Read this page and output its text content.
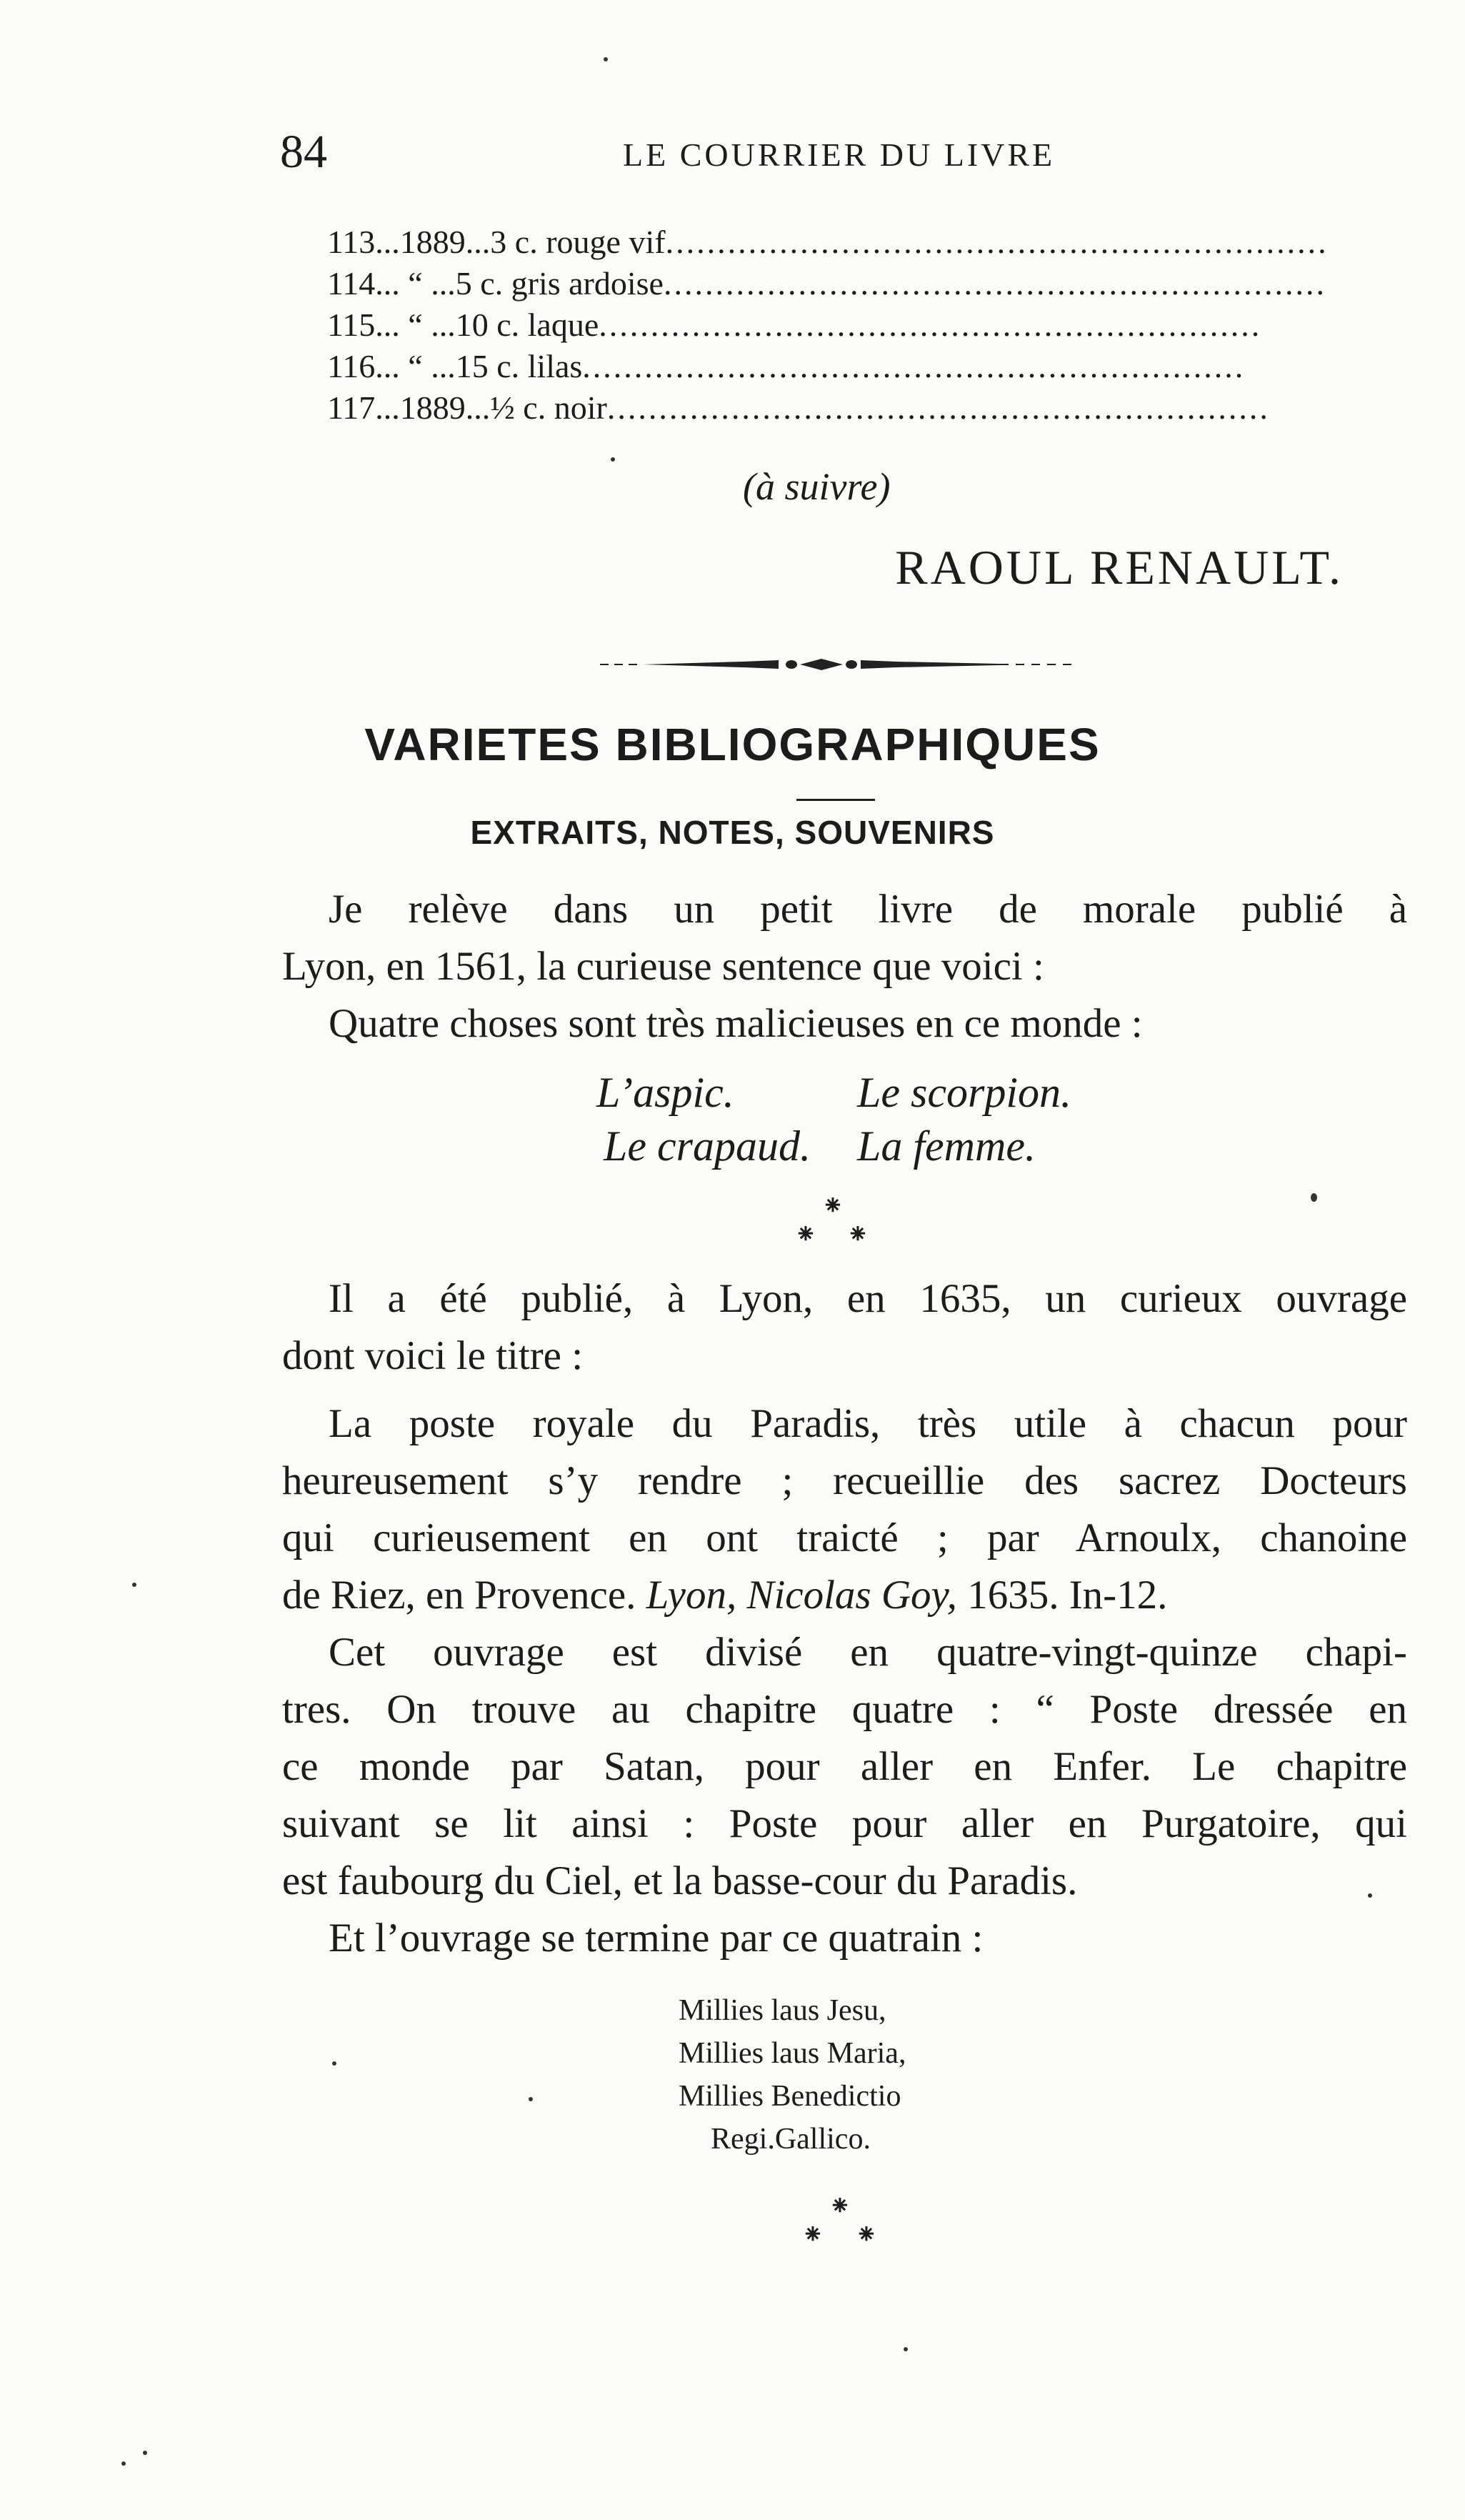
84	LE COURRIER DU LIVRE
113...1889... 3 c. rouge vif ................................................................
114... “ ... 5 c. gris ardoise ................................................................
115... “ ... 10 c. laque ................................................................
116... “ ... 15 c. lilas ................................................................
117...1889... ½ c. noir ................................................................
(à suivre)
RAOUL RENAULT.
VARIETES BIBLIOGRAPHIQUES
EXTRAITS, NOTES, SOUVENIRS
Je relève dans un petit livre de morale publié à
Lyon, en 1561, la curieuse sentence que voici :
Quatre choses sont très malicieuses en ce monde :
L’aspic.	Le scorpion.
Le crapaud. La femme.
⁕
⁕ ⁕
Il a été publié, à Lyon, en 1635, un curieux ouvrage
dont voici le titre :
La poste royale du Paradis, très utile à chacun pour
heureusement s’y rendre ; recueillie des sacrez Docteurs
qui curieusement en ont traicté ; par Arnoulx, chanoine
de Riez, en Provence. Lyon, Nicolas Goy, 1635. In-12.
Cet ouvrage est divisé en quatre-vingt-quinze chapi-
tres. On trouve au chapitre quatre : “ Poste dressée en
ce monde par Satan, pour aller en Enfer. Le chapitre
suivant se lit ainsi : Poste pour aller en Purgatoire, qui
est faubourg du Ciel, et la basse-cour du Paradis.
Et l’ouvrage se termine par ce quatrain :
Millies laus Jesu,
Millies laus Maria,
Millies Benedictio
Regi.Gallico.
⁕
⁕ ⁕
